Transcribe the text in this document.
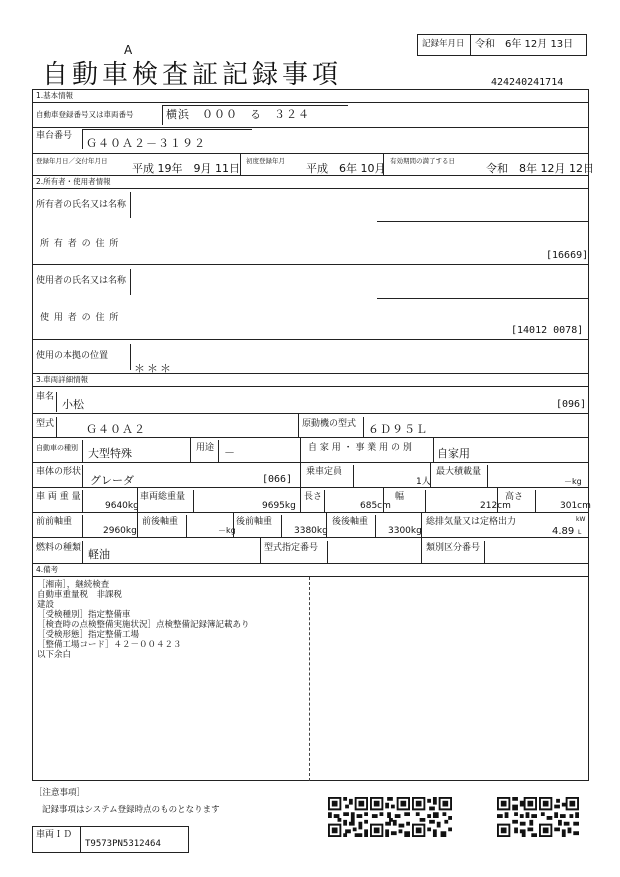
A
自動車検査証記録事項
記録年月日 令和　6年 12月 13日
424240241714
1.基本情報
自動車登録番号又は車両番号	横浜　０００　る　３２４
車台番号
Ｇ４０Ａ２－３１９２
登録年月日／交付年月日
平成 19年　9月 11日
初度登録年月
平成　6年 10月
有効期間の満了する日
令和　8年 12月 12日
2.所有者・使用者情報
所有者の氏名又は名称
所 有 者 の 住 所
[16669]
使用者の氏名又は名称
使 用 者 の 住 所
[14012 0078]
使用の本拠の位置
＊＊＊
3.車両詳細情報
車名
小松	[096]
型式	Ｇ４０Ａ２	原動機の型式 ６Ｄ９５Ｌ
自動車の種別 大型特殊	用途 －	自 家 用 ・ 事 業 用 の 別 自家用
車体の形状
グレーダ	[066]
乗車定員
1人
最大積載量
－kg
車 両 重 量
9640kg
車両総重量
9695kg
長さ
685cm
幅
212cm
高さ
301cm
前前軸重
2960kg
前後軸重
－kg
後前軸重
3380kg
後後軸重
3300kg
総排気量又は定格出力
4.89
kW
L
燃料の種類 軽油	型式指定番号	類別区分番号
4.備考
［湘南］，継続検査
自動車重量税　非課税
建設
［受検種別］指定整備車
［検査時の点検整備実施状況］点検整備記録簿記載あり
［受検形態］指定整備工場
［整備工場コード］４２－００４２３
以下余白
［注意事項］
記録事項はシステム登録時点のものとなります
車両ＩＤ
T9573PN5312464
